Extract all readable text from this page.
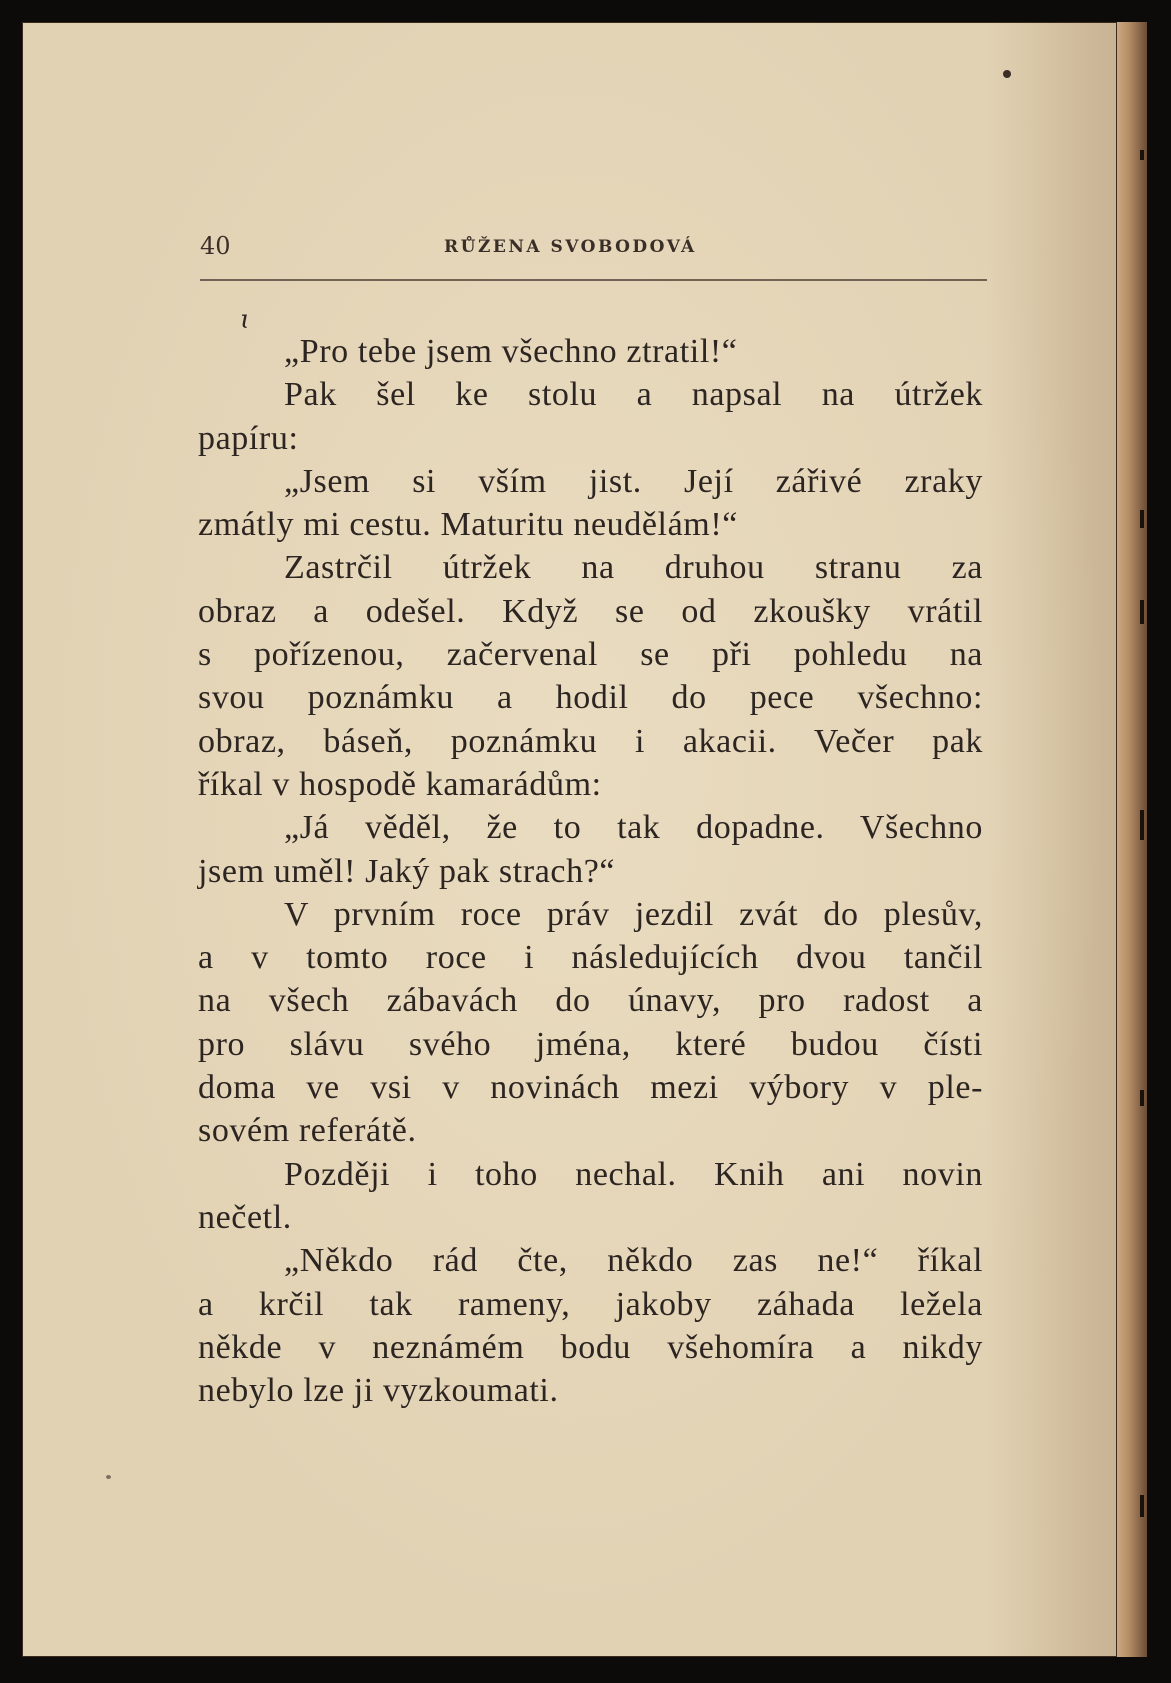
40	RŮŽENA SVOBODOVÁ
ɩ
„Pro tebe jsem všechno ztratil!“
Pak šel ke stolu a napsal na útržek
papíru:
„Jsem si vším jist. Její zářivé zraky
zmátly mi cestu. Maturitu neudělám!“
Zastrčil útržek na druhou stranu za
obraz a odešel. Když se od zkoušky vrátil
s pořízenou, začervenal se při pohledu na
svou poznámku a hodil do pece všechno:
obraz, báseň, poznámku i akacii. Večer pak
říkal v hospodě kamarádům:
„Já věděl, že to tak dopadne. Všechno
jsem uměl! Jaký pak strach?“
V prvním roce práv jezdil zvát do plesův,
a v tomto roce i následujících dvou tančil
na všech zábavách do únavy, pro radost a
pro slávu svého jména, které budou čísti
doma ve vsi v novinách mezi výbory v ple-
sovém referátě.
Později i toho nechal. Knih ani novin
nečetl.
„Někdo rád čte, někdo zas ne!“ říkal
a krčil tak rameny, jakoby záhada ležela
někde v neznámém bodu všehomíra a nikdy
nebylo lze ji vyzkoumati.
